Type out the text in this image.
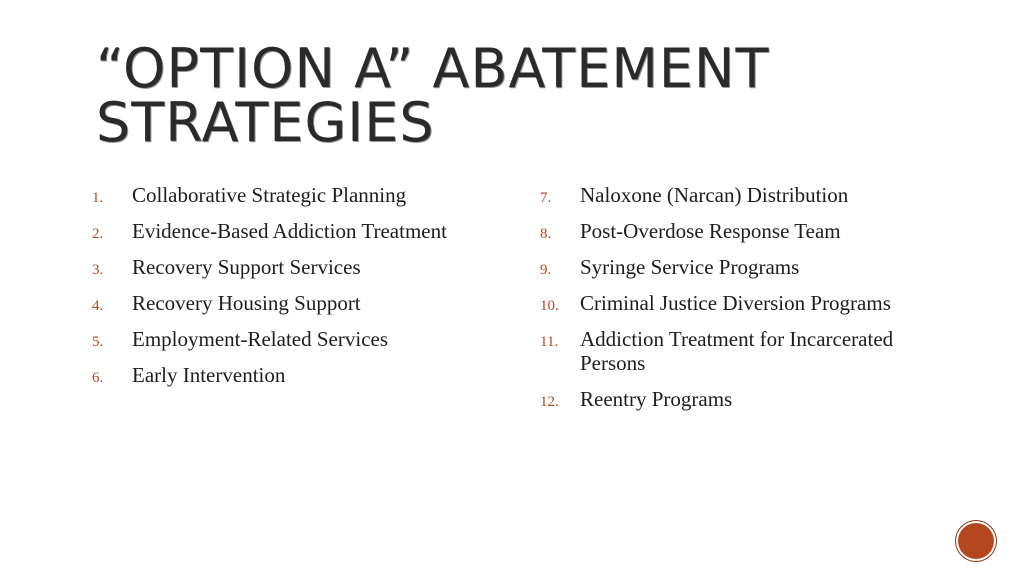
“OPTION A” ABATEMENT
STRATEGIES
1.	Collaborative Strategic Planning
2.	Evidence-Based Addiction Treatment
3.	Recovery Support Services
4.	Recovery Housing Support
5.	Employment-Related Services
6.	Early Intervention
7.	Naloxone (Narcan) Distribution
8.	Post-Overdose Response Team
9.	Syringe Service Programs
10.	Criminal Justice Diversion Programs
11.	Addiction Treatment for Incarcerated Persons
12.	Reentry Programs
